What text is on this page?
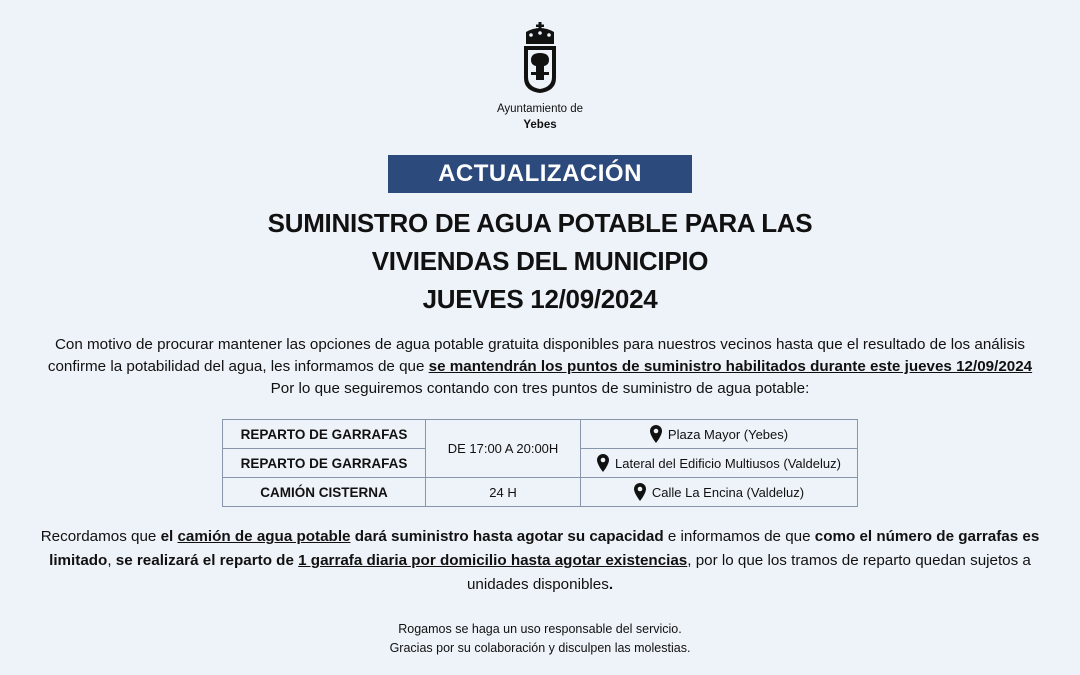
Ayuntamiento de
Yebes
ACTUALIZACIÓN
SUMINISTRO DE AGUA POTABLE PARA LAS
VIVIENDAS DEL MUNICIPIO
JUEVES 12/09/2024
Con motivo de procurar mantener las opciones de agua potable gratuita disponibles para nuestros vecinos hasta que el resultado de los análisis
confirme la potabilidad del agua, les informamos de que se mantendrán los puntos de suministro habilitados durante este jueves 12/09/2024
Por lo que seguiremos contando con tres puntos de suministro de agua potable:
REPARTO DE GARRAFAS	DE 17:00 A 20:00H	Plaza Mayor (Yebes)
REPARTO DE GARRAFAS		Lateral del Edificio Multiusos (Valdeluz)
CAMIÓN CISTERNA	24 H	Calle La Encina (Valdeluz)
Recordamos que el camión de agua potable dará suministro hasta agotar su capacidad e informamos de que como el número de garrafas es
limitado, se realizará el reparto de 1 garrafa diaria por domicilio hasta agotar existencias, por lo que los tramos de reparto quedan sujetos a
unidades disponibles.
Rogamos se haga un uso responsable del servicio.
Gracias por su colaboración y disculpen las molestias.
